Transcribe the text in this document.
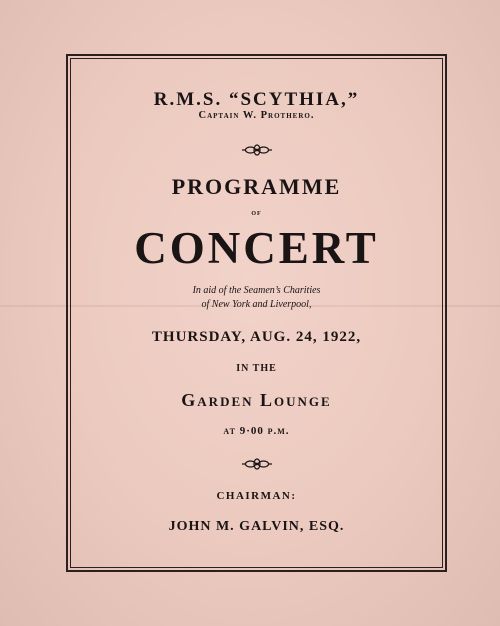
R.M.S. “SCYTHIA,”

Captain W. Prothero.

PROGRAMME

of

CONCERT

In aid of the Seamen’s Charities

of New York and Liverpool,

THURSDAY, AUG. 24, 1922,

IN THE

Garden Lounge

at 9·00 p.m.

CHAIRMAN:

JOHN M. GALVIN, ESQ.
